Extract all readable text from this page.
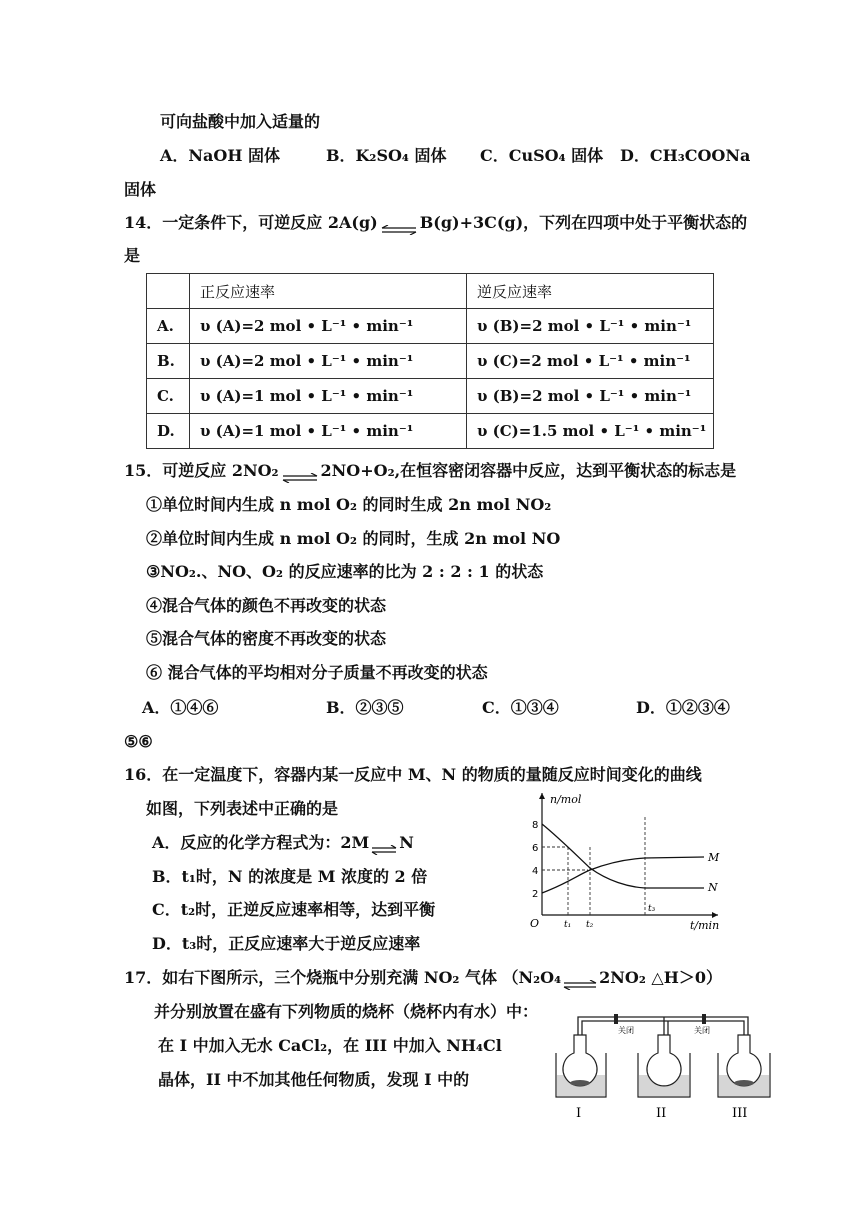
可向盐酸中加入适量的
A．NaOH 固体	B．K₂SO₄ 固体 C．CuSO₄ 固体 D．CH₃COONa
固体
14．一定条件下，可逆反应 2A(g) ⇌ B(g)+3C(g)，下列在四项中处于平衡状态的
是
	正反应速率	逆反应速率
A.	υ (A)=2 mol • L⁻¹ • min⁻¹	υ (B)=2 mol • L⁻¹ • min⁻¹
B.	υ (A)=2 mol • L⁻¹ • min⁻¹	υ (C)=2 mol • L⁻¹ • min⁻¹
C.	υ (A)=1 mol • L⁻¹ • min⁻¹	υ (B)=2 mol • L⁻¹ • min⁻¹
D.	υ (A)=1 mol • L⁻¹ • min⁻¹	υ (C)=1.5 mol • L⁻¹ • min⁻¹
15．可逆反应 2NO₂ ⇌ 2NO+O₂,在恒容密闭容器中反应，达到平衡状态的标志是
①单位时间内生成 n mol O₂ 的同时生成 2n mol NO₂
②单位时间内生成 n mol O₂ 的同时，生成 2n mol NO
③NO₂.、NO、O₂ 的反应速率的比为 2 : 2 : 1 的状态
④混合气体的颜色不再改变的状态
⑤混合气体的密度不再改变的状态
⑥ 混合气体的平均相对分子质量不再改变的状态
A．①④⑥	B．②③⑤	C．①③④	D．①②③④
⑤⑥
16．在一定温度下，容器内某一反应中 M、N 的物质的量随反应时间变化的曲线
如图，下列表述中正确的是
A．反应的化学方程式为：2M ⇌ N
B．t₁时，N 的浓度是 M 浓度的 2 倍
C．t₂时，正逆反应速率相等，达到平衡
D．t₃时，正反应速率大于逆反应速率
n/mol
t/min
O
8
6
4
2
t₁ t₂
t₃
M
N
17．如右下图所示，三个烧瓶中分别充满 NO₂ 气体 （N₂O₄ ⇌ 2NO₂ △H＞0）
并分别放置在盛有下列物质的烧杯（烧杯内有水）中：
在 I 中加入无水 CaCl₂，在 III 中加入 NH₄Cl
晶体，II 中不加其他任何物质，发现 I 中的
关闭	关闭
I	II	III
